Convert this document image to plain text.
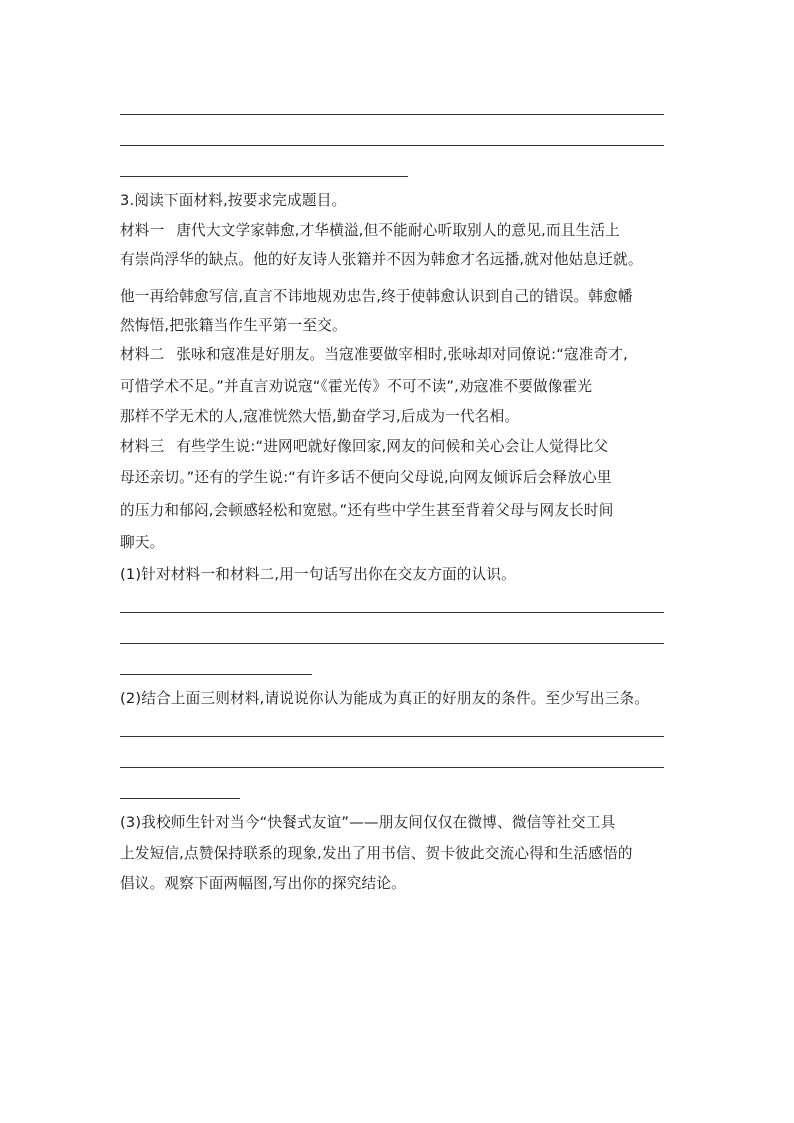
3.阅读下面材料,按要求完成题目。
材料一 唐代大文学家韩愈,才华横溢,但不能耐心听取别人的意见,而且生活上
有崇尚浮华的缺点。他的好友诗人张籍并不因为韩愈才名远播,就对他姑息迁就。
他一再给韩愈写信,直言不讳地规劝忠告,终于使韩愈认识到自己的错误。韩愈幡
然悔悟,把张籍当作生平第一至交。
材料二 张咏和寇准是好朋友。当寇准要做宰相时,张咏却对同僚说:“寇准奇才,
可惜学术不足。”并直言劝说寇“《霍光传》不可不读”,劝寇准不要做像霍光
那样不学无术的人,寇准恍然大悟,勤奋学习,后成为一代名相。
材料三 有些学生说:“进网吧就好像回家,网友的问候和关心会让人觉得比父
母还亲切。”还有的学生说:“有许多话不便向父母说,向网友倾诉后会释放心里
的压力和郁闷,会顿感轻松和宽慰。”还有些中学生甚至背着父母与网友长时间
聊天。
(1)针对材料一和材料二,用一句话写出你在交友方面的认识。
(2)结合上面三则材料,请说说你认为能成为真正的好朋友的条件。至少写出三条。
(3)我校师生针对当今“快餐式友谊”——朋友间仅仅在微博、微信等社交工具
上发短信,点赞保持联系的现象,发出了用书信、贺卡彼此交流心得和生活感悟的
倡议。观察下面两幅图,写出你的探究结论。
